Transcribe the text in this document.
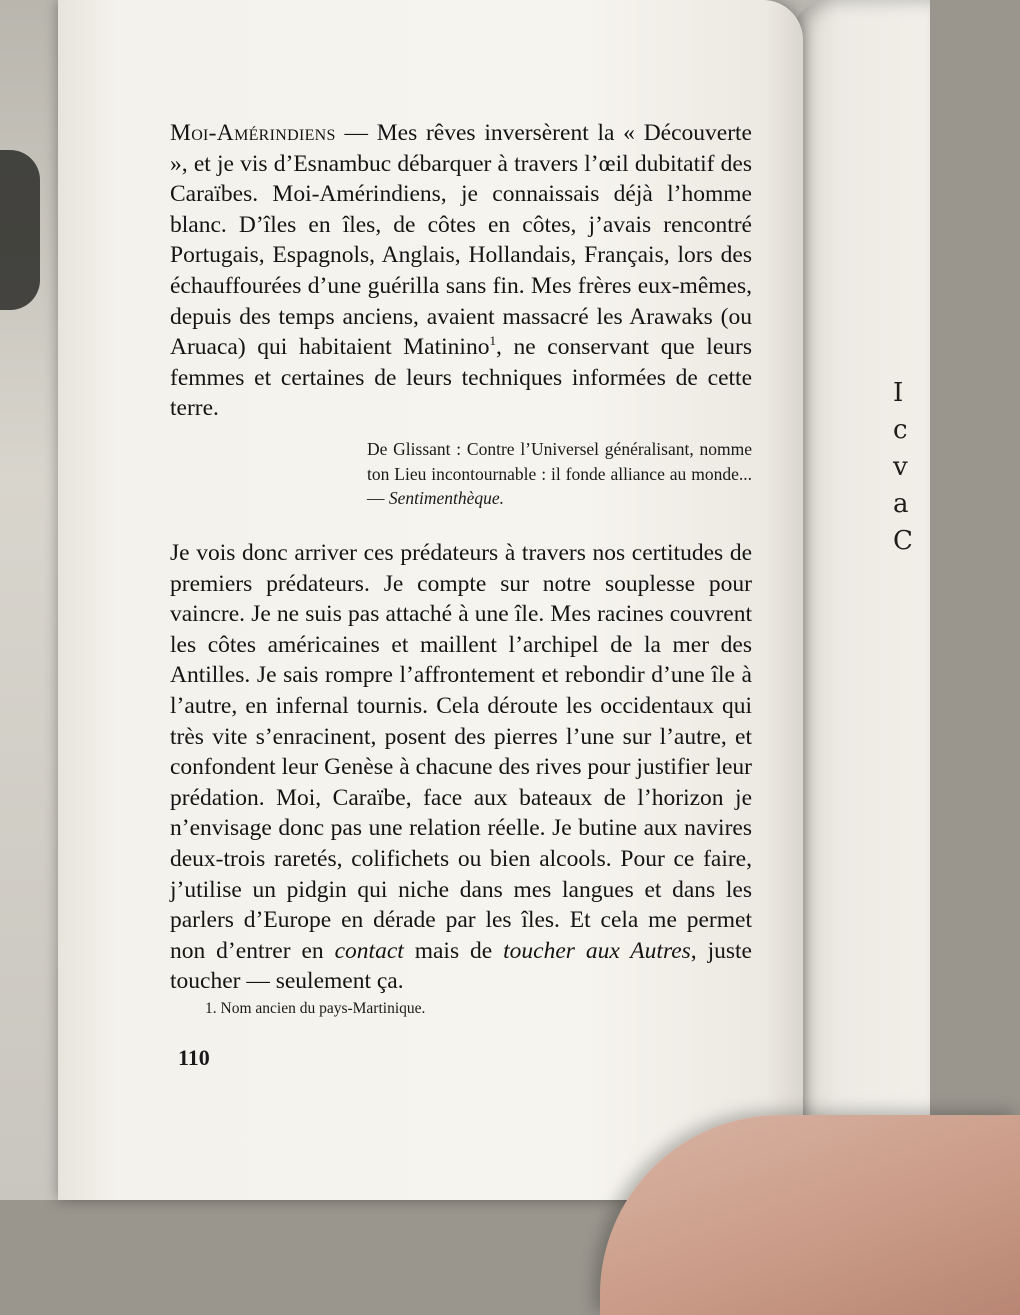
I
c
v
a
C
Moi-Amérindiens — Mes rêves inversèrent la « Découverte », et je vis d’Esnambuc débarquer à travers l’œil dubitatif des Caraïbes. Moi-Amérindiens, je connaissais déjà l’homme blanc. D’îles en îles, de côtes en côtes, j’avais rencontré Portugais, Espagnols, Anglais, Hollandais, Français, lors des échauffourées d’une guérilla sans fin. Mes frères eux-mêmes, depuis des temps anciens, avaient massacré les Arawaks (ou Aruaca) qui habitaient Matinino$^1$, ne conservant que leurs femmes et certaines de leurs techniques informées de cette terre.
De Glissant : Contre l’Universel généralisant, nomme ton Lieu incontournable : il fonde alliance au monde... — Sentimenthèque.
Je vois donc arriver ces prédateurs à travers nos certitudes de premiers prédateurs. Je compte sur notre souplesse pour vaincre. Je ne suis pas attaché à une île. Mes racines couvrent les côtes américaines et maillent l’archipel de la mer des Antilles. Je sais rompre l’affrontement et rebondir d’une île à l’autre, en infernal tournis. Cela déroute les occidentaux qui très vite s’enracinent, posent des pierres l’une sur l’autre, et confondent leur Genèse à chacune des rives pour justifier leur prédation. Moi, Caraïbe, face aux bateaux de l’horizon je n’envisage donc pas une relation réelle. Je butine aux navires deux-trois raretés, colifichets ou bien alcools. Pour ce faire, j’utilise un pidgin qui niche dans mes langues et dans les parlers d’Europe en dérade par les îles. Et cela me permet non d’entrer en contact mais de toucher aux Autres, juste toucher — seulement ça.
1. Nom ancien du pays-Martinique.
110
